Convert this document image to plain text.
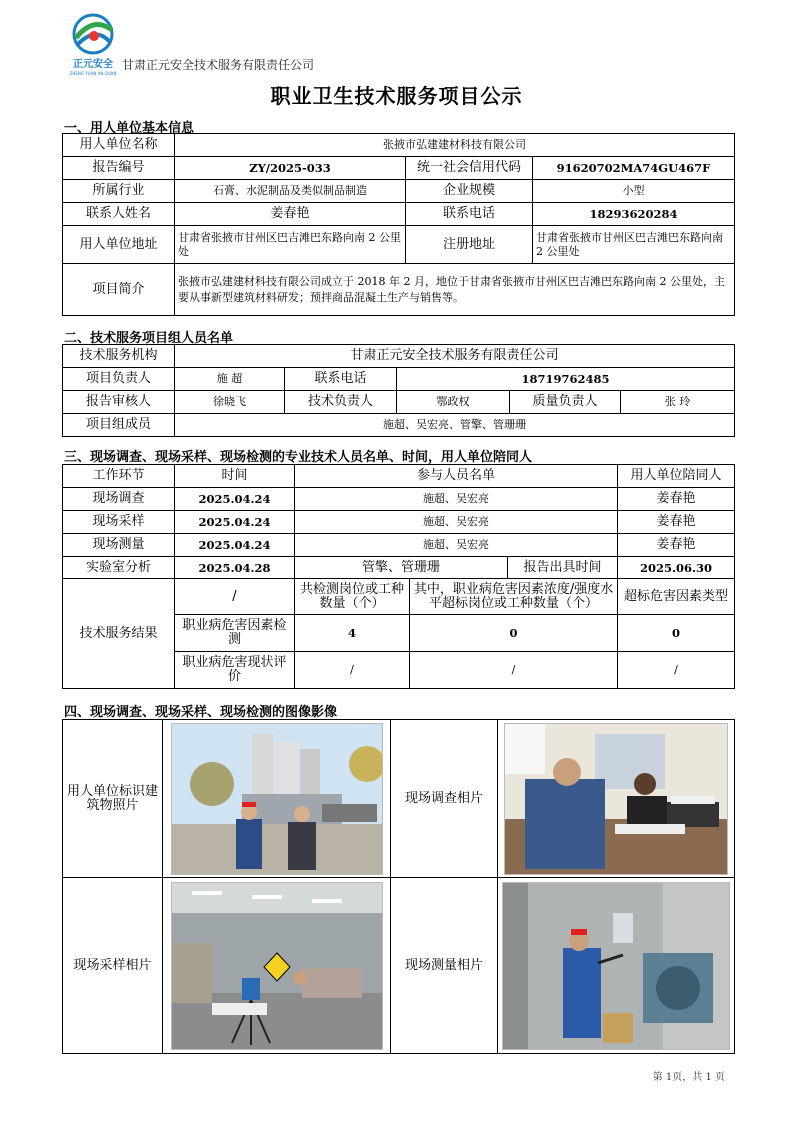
正元安全
ZHENG YUAN AN QUAN
甘肃正元安全技术服务有限责任公司
职业卫生技术服务项目公示
一、用人单位基本信息
用人单位名称	张掖市弘建建材科技有限公司		
报告编号	ZY/2025-033	统一社会信用代码	91620702MA74GU467F
所属行业	石膏、水泥制品及类似制品制造	企业规模	小型
联系人姓名	姜春艳	联系电话	18293620284
用人单位地址	甘肃省张掖市甘州区巴吉滩巴东路向南 2 公里处	注册地址	甘肃省张掖市甘州区巴吉滩巴东路向南 2 公里处
项目简介	张掖市弘建建材科技有限公司成立于 2018 年 2 月，地位于甘肃省张掖市甘州区巴吉滩巴东路向南 2 公里处，主要从事新型建筑材料研发；预拌商品混凝土生产与销售等。		
二、技术服务项目组人员名单
技术服务机构	甘肃正元安全技术服务有限责任公司				
项目负责人	施 超	联系电话	18719762485		
报告审核人	徐晓飞	技术负责人	鄂政权	质量负责人	张 玲
项目组成员	施超、吴宏亮、管擎、管珊珊				
三、现场调查、现场采样、现场检测的专业技术人员名单、时间，用人单位陪同人
工作环节	时间	参与人员名单			用人单位陪同人
现场调查	2025.04.24	施超、吴宏亮			姜春艳
现场采样	2025.04.24	施超、吴宏亮			姜春艳
现场测量	2025.04.24	施超、吴宏亮			姜春艳
实验室分析	2025.04.28	管擎、管珊珊		报告出具时间	2025.06.30
技术服务结果	/	共检测岗位或工种数量（个）	其中，职业病危害因素浓度/强度水平超标岗位或工种数量（个）		超标危害因素类型
	职业病危害因素检测	4	0		0
	职业病危害现状评价	/	/		/
四、现场调查、现场采样、现场检测的图像影像
用人单位标识建筑物照片		现场调查相片	

现场采样相片		现场测量相片	
第 1页，共 1 页
